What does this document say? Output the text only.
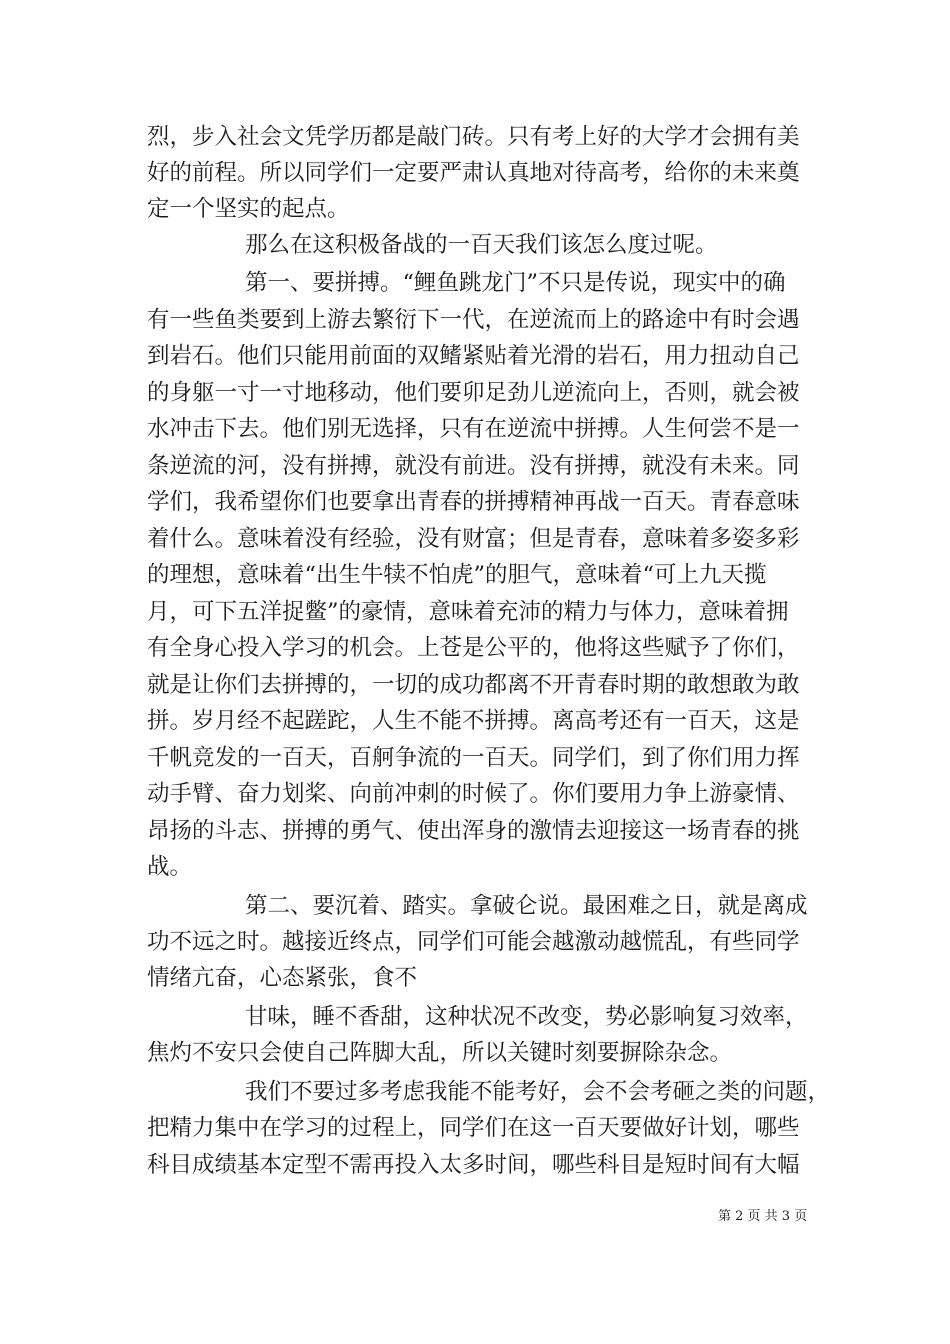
烈，步入社会文凭学历都是敲门砖。只有考上好的大学才会拥有美
好的前程。所以同学们一定要严肃认真地对待高考，给你的未来奠
定一个坚实的起点。
那么在这积极备战的一百天我们该怎么度过呢。
第一、要拼搏。“鲤鱼跳龙门”不只是传说，现实中的确
有一些鱼类要到上游去繁衍下一代，在逆流而上的路途中有时会遇
到岩石。他们只能用前面的双鳍紧贴着光滑的岩石，用力扭动自己
的身躯一寸一寸地移动，他们要卯足劲儿逆流向上，否则，就会被
水冲击下去。他们别无选择，只有在逆流中拼搏。人生何尝不是一
条逆流的河，没有拼搏，就没有前进。没有拼搏，就没有未来。同
学们，我希望你们也要拿出青春的拼搏精神再战一百天。青春意味
着什么。意味着没有经验，没有财富；但是青春，意味着多姿多彩
的理想，意味着“出生牛犊不怕虎”的胆气，意味着“可上九天揽
月，可下五洋捉鳖”的豪情，意味着充沛的精力与体力，意味着拥
有全身心投入学习的机会。上苍是公平的，他将这些赋予了你们，
就是让你们去拼搏的，一切的成功都离不开青春时期的敢想敢为敢
拼。岁月经不起蹉跎，人生不能不拼搏。离高考还有一百天，这是
千帆竞发的一百天，百舸争流的一百天。同学们，到了你们用力挥
动手臂、奋力划桨、向前冲刺的时候了。你们要用力争上游豪情、
昂扬的斗志、拼搏的勇气、使出浑身的激情去迎接这一场青春的挑
战。
第二、要沉着、踏实。拿破仑说。最困难之日，就是离成
功不远之时。越接近终点，同学们可能会越激动越慌乱，有些同学
情绪亢奋，心态紧张，食不
甘味，睡不香甜，这种状况不改变，势必影响复习效率，
焦灼不安只会使自己阵脚大乱，所以关键时刻要摒除杂念。
我们不要过多考虑我能不能考好，会不会考砸之类的问题，
把精力集中在学习的过程上，同学们在这一百天要做好计划，哪些
科目成绩基本定型不需再投入太多时间，哪些科目是短时间有大幅
第 2 页 共 3 页
